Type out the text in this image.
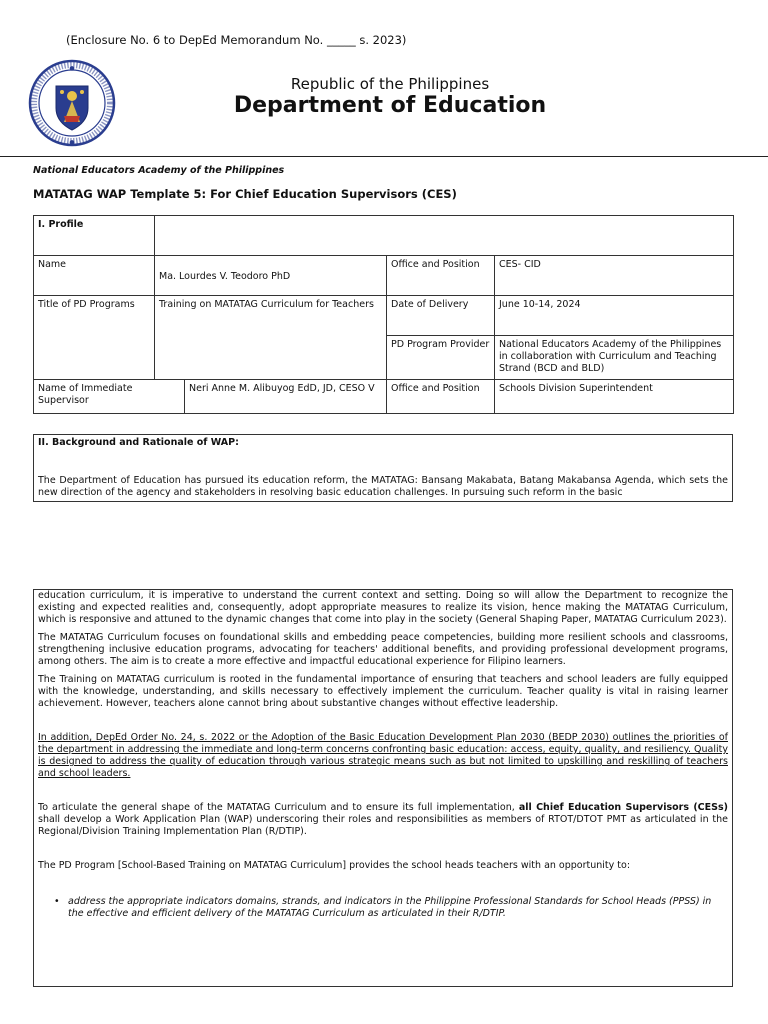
(Enclosure No. 6 to DepEd Memorandum No. _____ s. 2023)
●
●
Republic of the Philippines
Department of Education
National Educators Academy of the Philippines
MATATAG WAP Template 5: For Chief Education Supervisors (CES)
I. Profile				
Name	Ma. Lourdes V. Teodoro PhD		Office and Position	CES- CID
Title of PD Programs	Training on MATATAG Curriculum for Teachers		Date of Delivery	June 10-14, 2024
			PD Program Provider	National Educators Academy of the Philippines in collaboration with Curriculum and Teaching Strand (BCD and BLD)
Name of Immediate Supervisor		Neri Anne M. Alibuyog EdD, JD, CESO V	Office and Position	Schools Division Superintendent

II. Background and Rationale of WAP:

The Department of Education has pursued its education reform, the MATATAG: Bansang Makabata, Batang Makabansa Agenda, which sets the new direction of the agency and stakeholders in resolving basic education challenges. In pursuing such reform in the basic

education curriculum, it is imperative to understand the current context and setting. Doing so will allow the Department to recognize the existing and expected realities and, consequently, adopt appropriate measures to realize its vision, hence making the MATATAG Curriculum, which is responsive and attuned to the dynamic changes that come into play in the society (General Shaping Paper, MATATAG Curriculum 2023).

The MATATAG Curriculum focuses on foundational skills and embedding peace competencies, building more resilient schools and classrooms, strengthening inclusive education programs, advocating for teachers' additional benefits, and providing professional development programs, among others. The aim is to create a more effective and impactful educational experience for Filipino learners.

The Training on MATATAG curriculum is rooted in the fundamental importance of ensuring that teachers and school leaders are fully equipped with the knowledge, understanding, and skills necessary to effectively implement the curriculum. Teacher quality is vital in raising learner achievement. However, teachers alone cannot bring about substantive changes without effective leadership.

In addition, DepEd Order No. 24, s. 2022 or the Adoption of the Basic Education Development Plan 2030 (BEDP 2030) outlines the priorities of the department in addressing the immediate and long-term concerns confronting basic education: access, equity, quality, and resiliency. Quality is designed to address the quality of education through various strategic means such as but not limited to upskilling and reskilling of teachers and school leaders.

To articulate the general shape of the MATATAG Curriculum and to ensure its full implementation, all Chief Education Supervisors (CESs) shall develop a Work Application Plan (WAP) underscoring their roles and responsibilities as members of RTOT/DTOT PMT as articulated in the Regional/Division Training Implementation Plan (R/DTIP).

The PD Program [School-Based Training on MATATAG Curriculum] provides the school heads teachers with an opportunity to:

• address the appropriate indicators domains, strands, and indicators in the Philippine Professional Standards for School Heads (PPSS) in the effective and efficient delivery of the MATATAG Curriculum as articulated in their R/DTIP.
